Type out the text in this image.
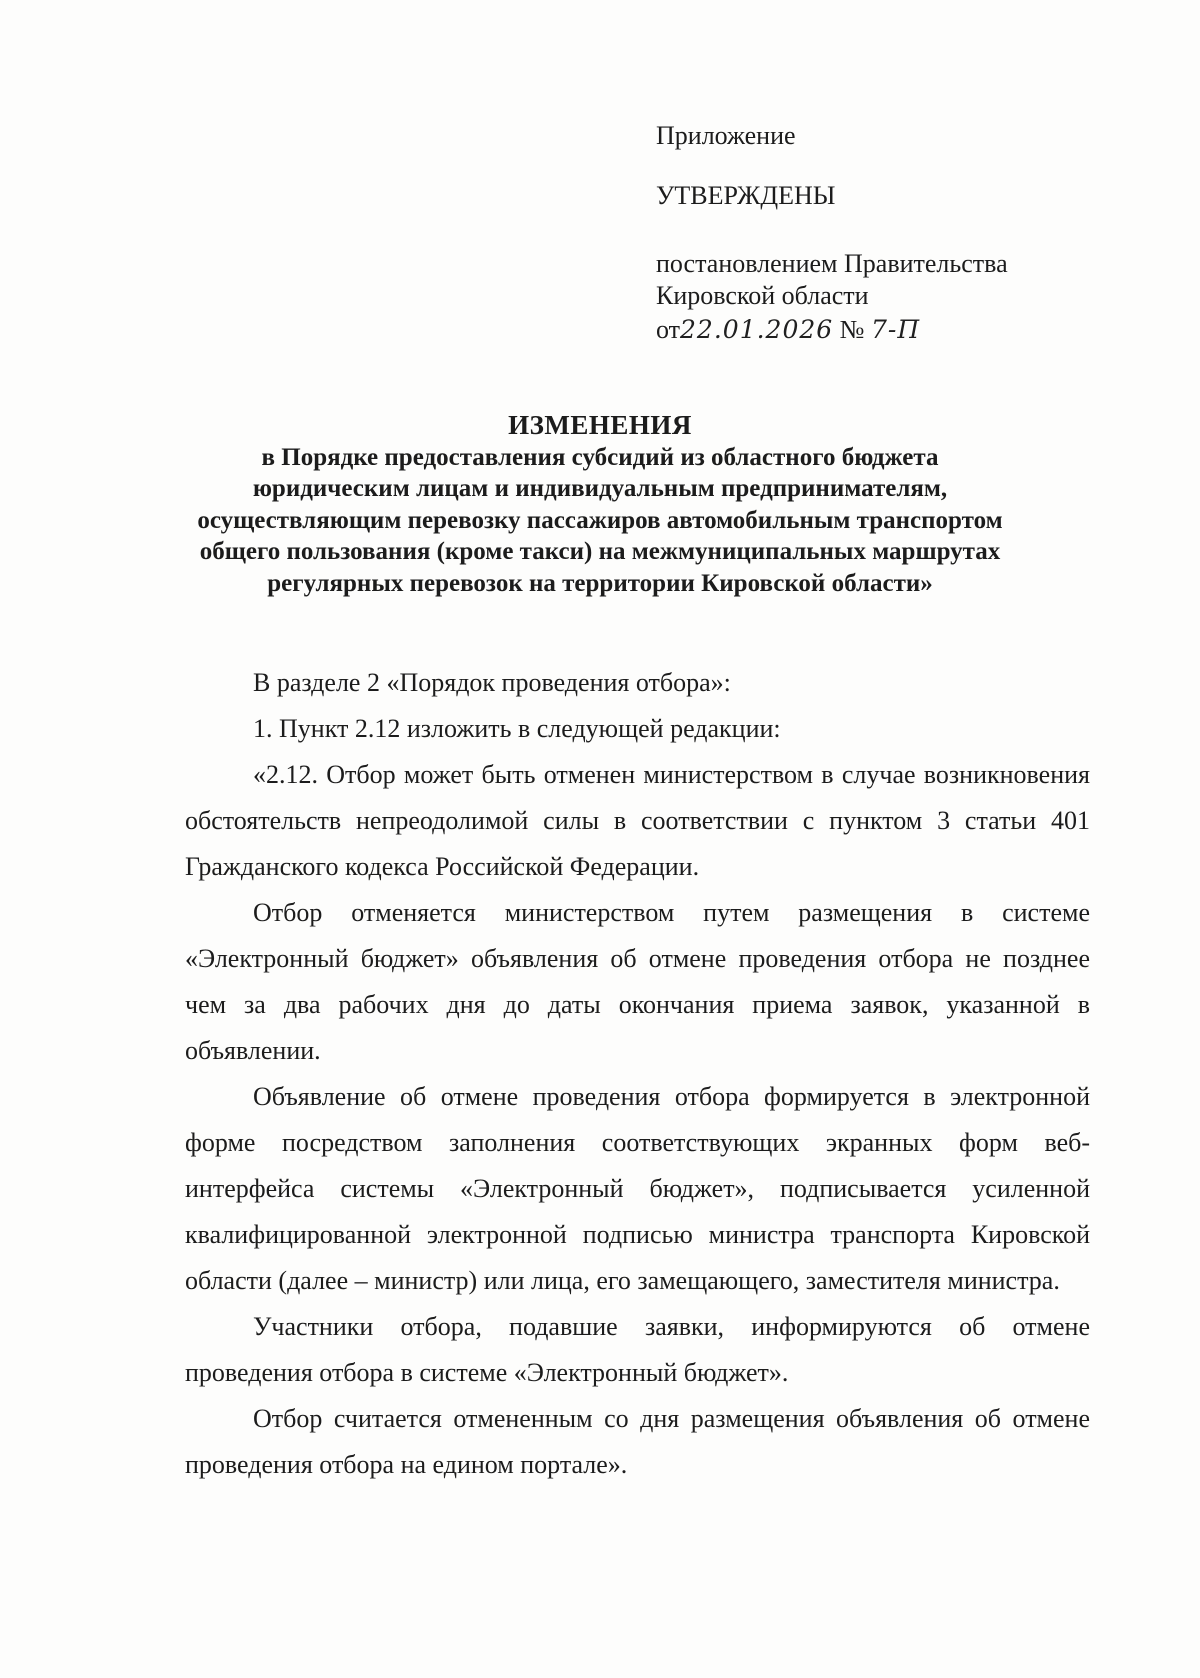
Приложение
УТВЕРЖДЕНЫ
постановлением Правительства
Кировской области
от22.01.2026 № 7-П
ИЗМЕНЕНИЯ
в Порядке предоставления субсидий из областного бюджета
юридическим лицам и индивидуальным предпринимателям,
осуществляющим перевозку пассажиров автомобильным транспортом
общего пользования (кроме такси) на межмуниципальных маршрутах
регулярных перевозок на территории Кировской области»

В разделе 2 «Порядок проведения отбора»:

1. Пункт 2.12 изложить в следующей редакции:

«2.12. Отбор может быть отменен министерством в случае возникновения обстоятельств непреодолимой силы в соответствии с пунктом 3 статьи 401 Гражданского кодекса Российской Федерации.

Отбор отменяется министерством путем размещения в системе «Электронный бюджет» объявления об отмене проведения отбора не позднее чем за два рабочих дня до даты окончания приема заявок, указанной в объявлении.

Объявление об отмене проведения отбора формируется в электронной форме посредством заполнения соответствующих экранных форм веб-интерфейса системы «Электронный бюджет», подписывается усиленной квалифицированной электронной подписью министра транспорта Кировской области (далее – министр) или лица, его замещающего, заместителя министра.

Участники отбора, подавшие заявки, информируются об отмене проведения отбора в системе «Электронный бюджет».

Отбор считается отмененным со дня размещения объявления об отмене проведения отбора на едином портале».
